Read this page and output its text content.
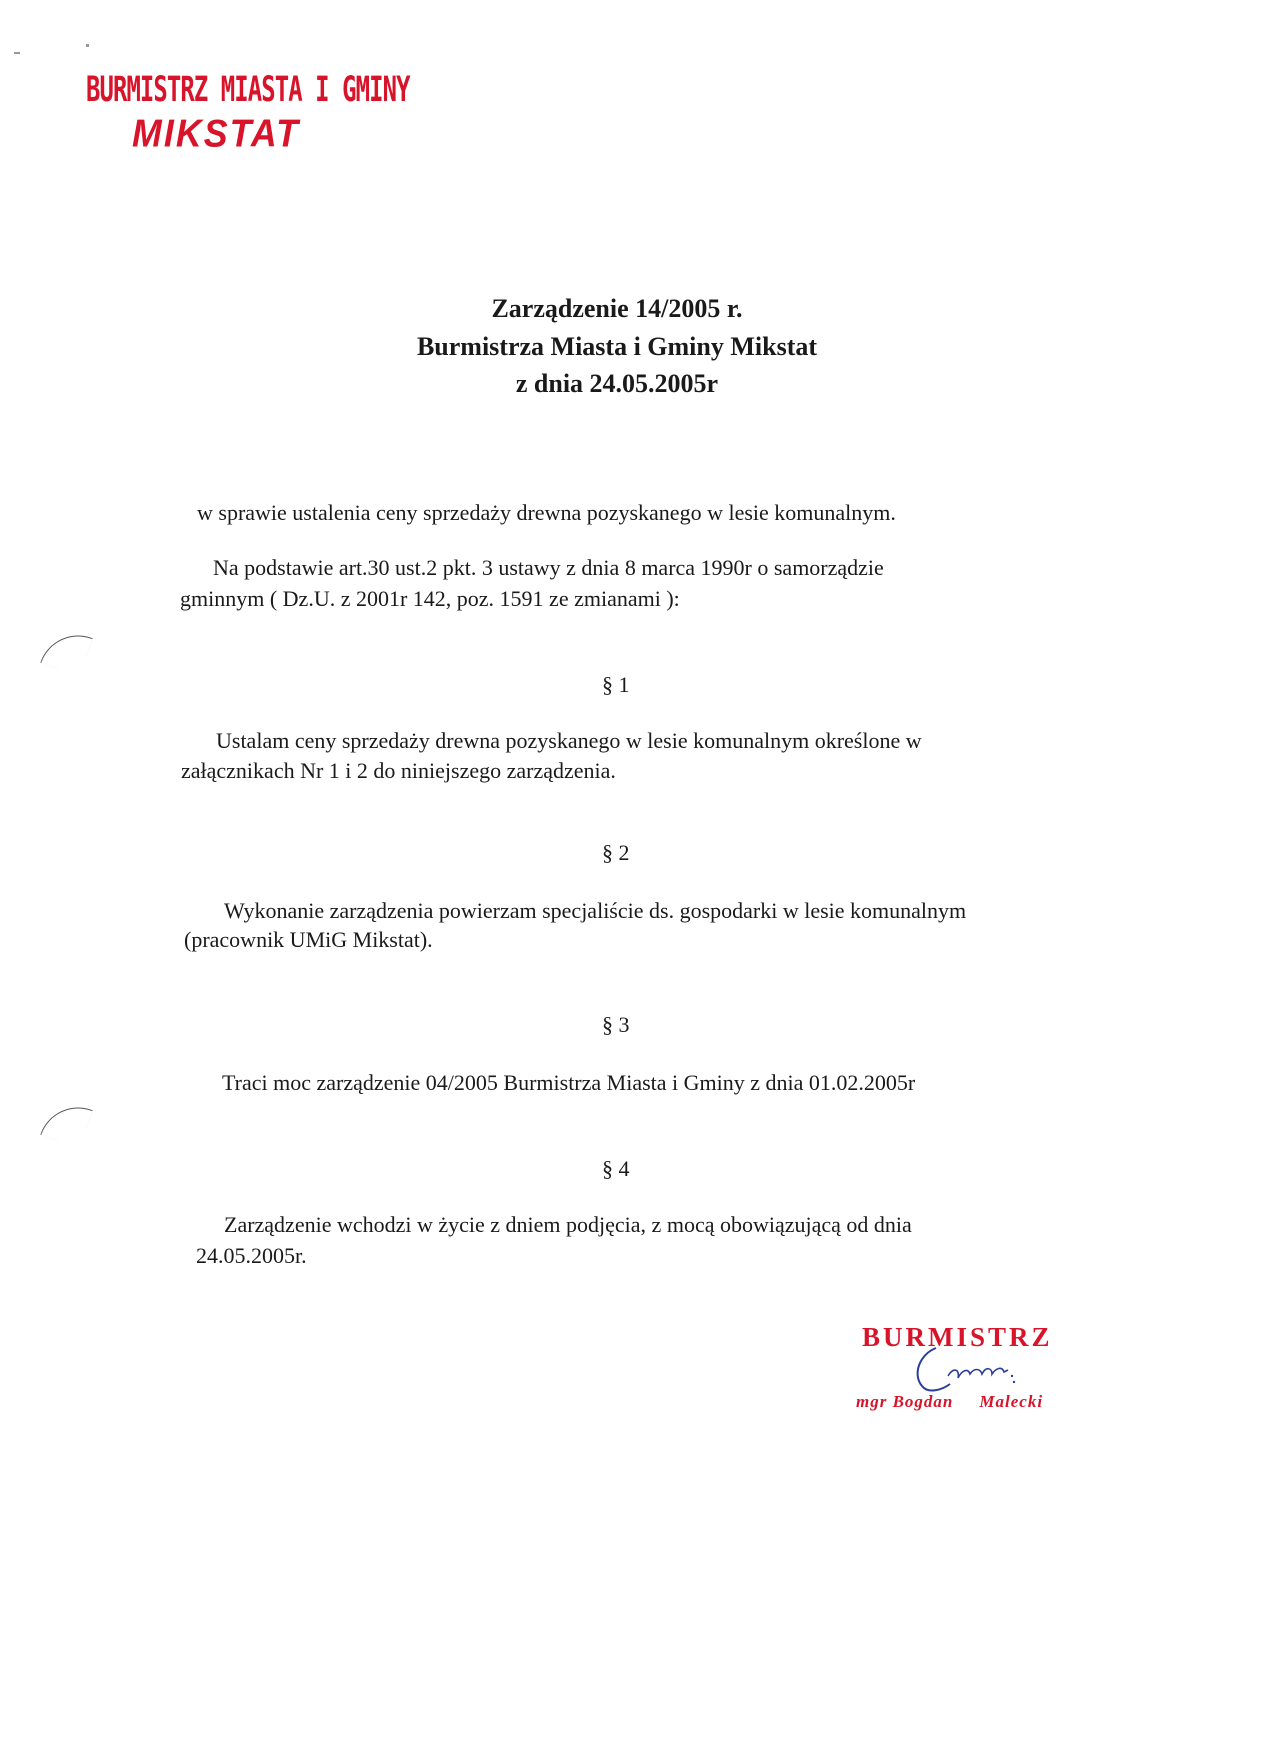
BURMISTRZ MIASTA I GMINY
MIKSTAT
Zarządzenie 14/2005 r.
Burmistrza Miasta i Gminy Mikstat
z dnia 24.05.2005r
w sprawie ustalenia ceny sprzedaży drewna pozyskanego w lesie komunalnym.
Na podstawie art.30 ust.2 pkt. 3 ustawy z dnia 8 marca 1990r o samorządzie
gminnym ( Dz.U. z 2001r 142, poz. 1591 ze zmianami ):
§ 1
Ustalam ceny sprzedaży drewna pozyskanego w lesie komunalnym określone w
załącznikach Nr 1 i 2 do niniejszego zarządzenia.
§ 2
Wykonanie zarządzenia powierzam specjaliście ds. gospodarki w lesie komunalnym
(pracownik UMiG Mikstat).
§ 3
Traci moc zarządzenie 04/2005 Burmistrza Miasta i Gminy z dnia 01.02.2005r
§ 4
Zarządzenie wchodzi w życie z dniem podjęcia, z mocą obowiązującą od dnia
24.05.2005r.
BURMISTRZ
mgr Bogdan Malecki
